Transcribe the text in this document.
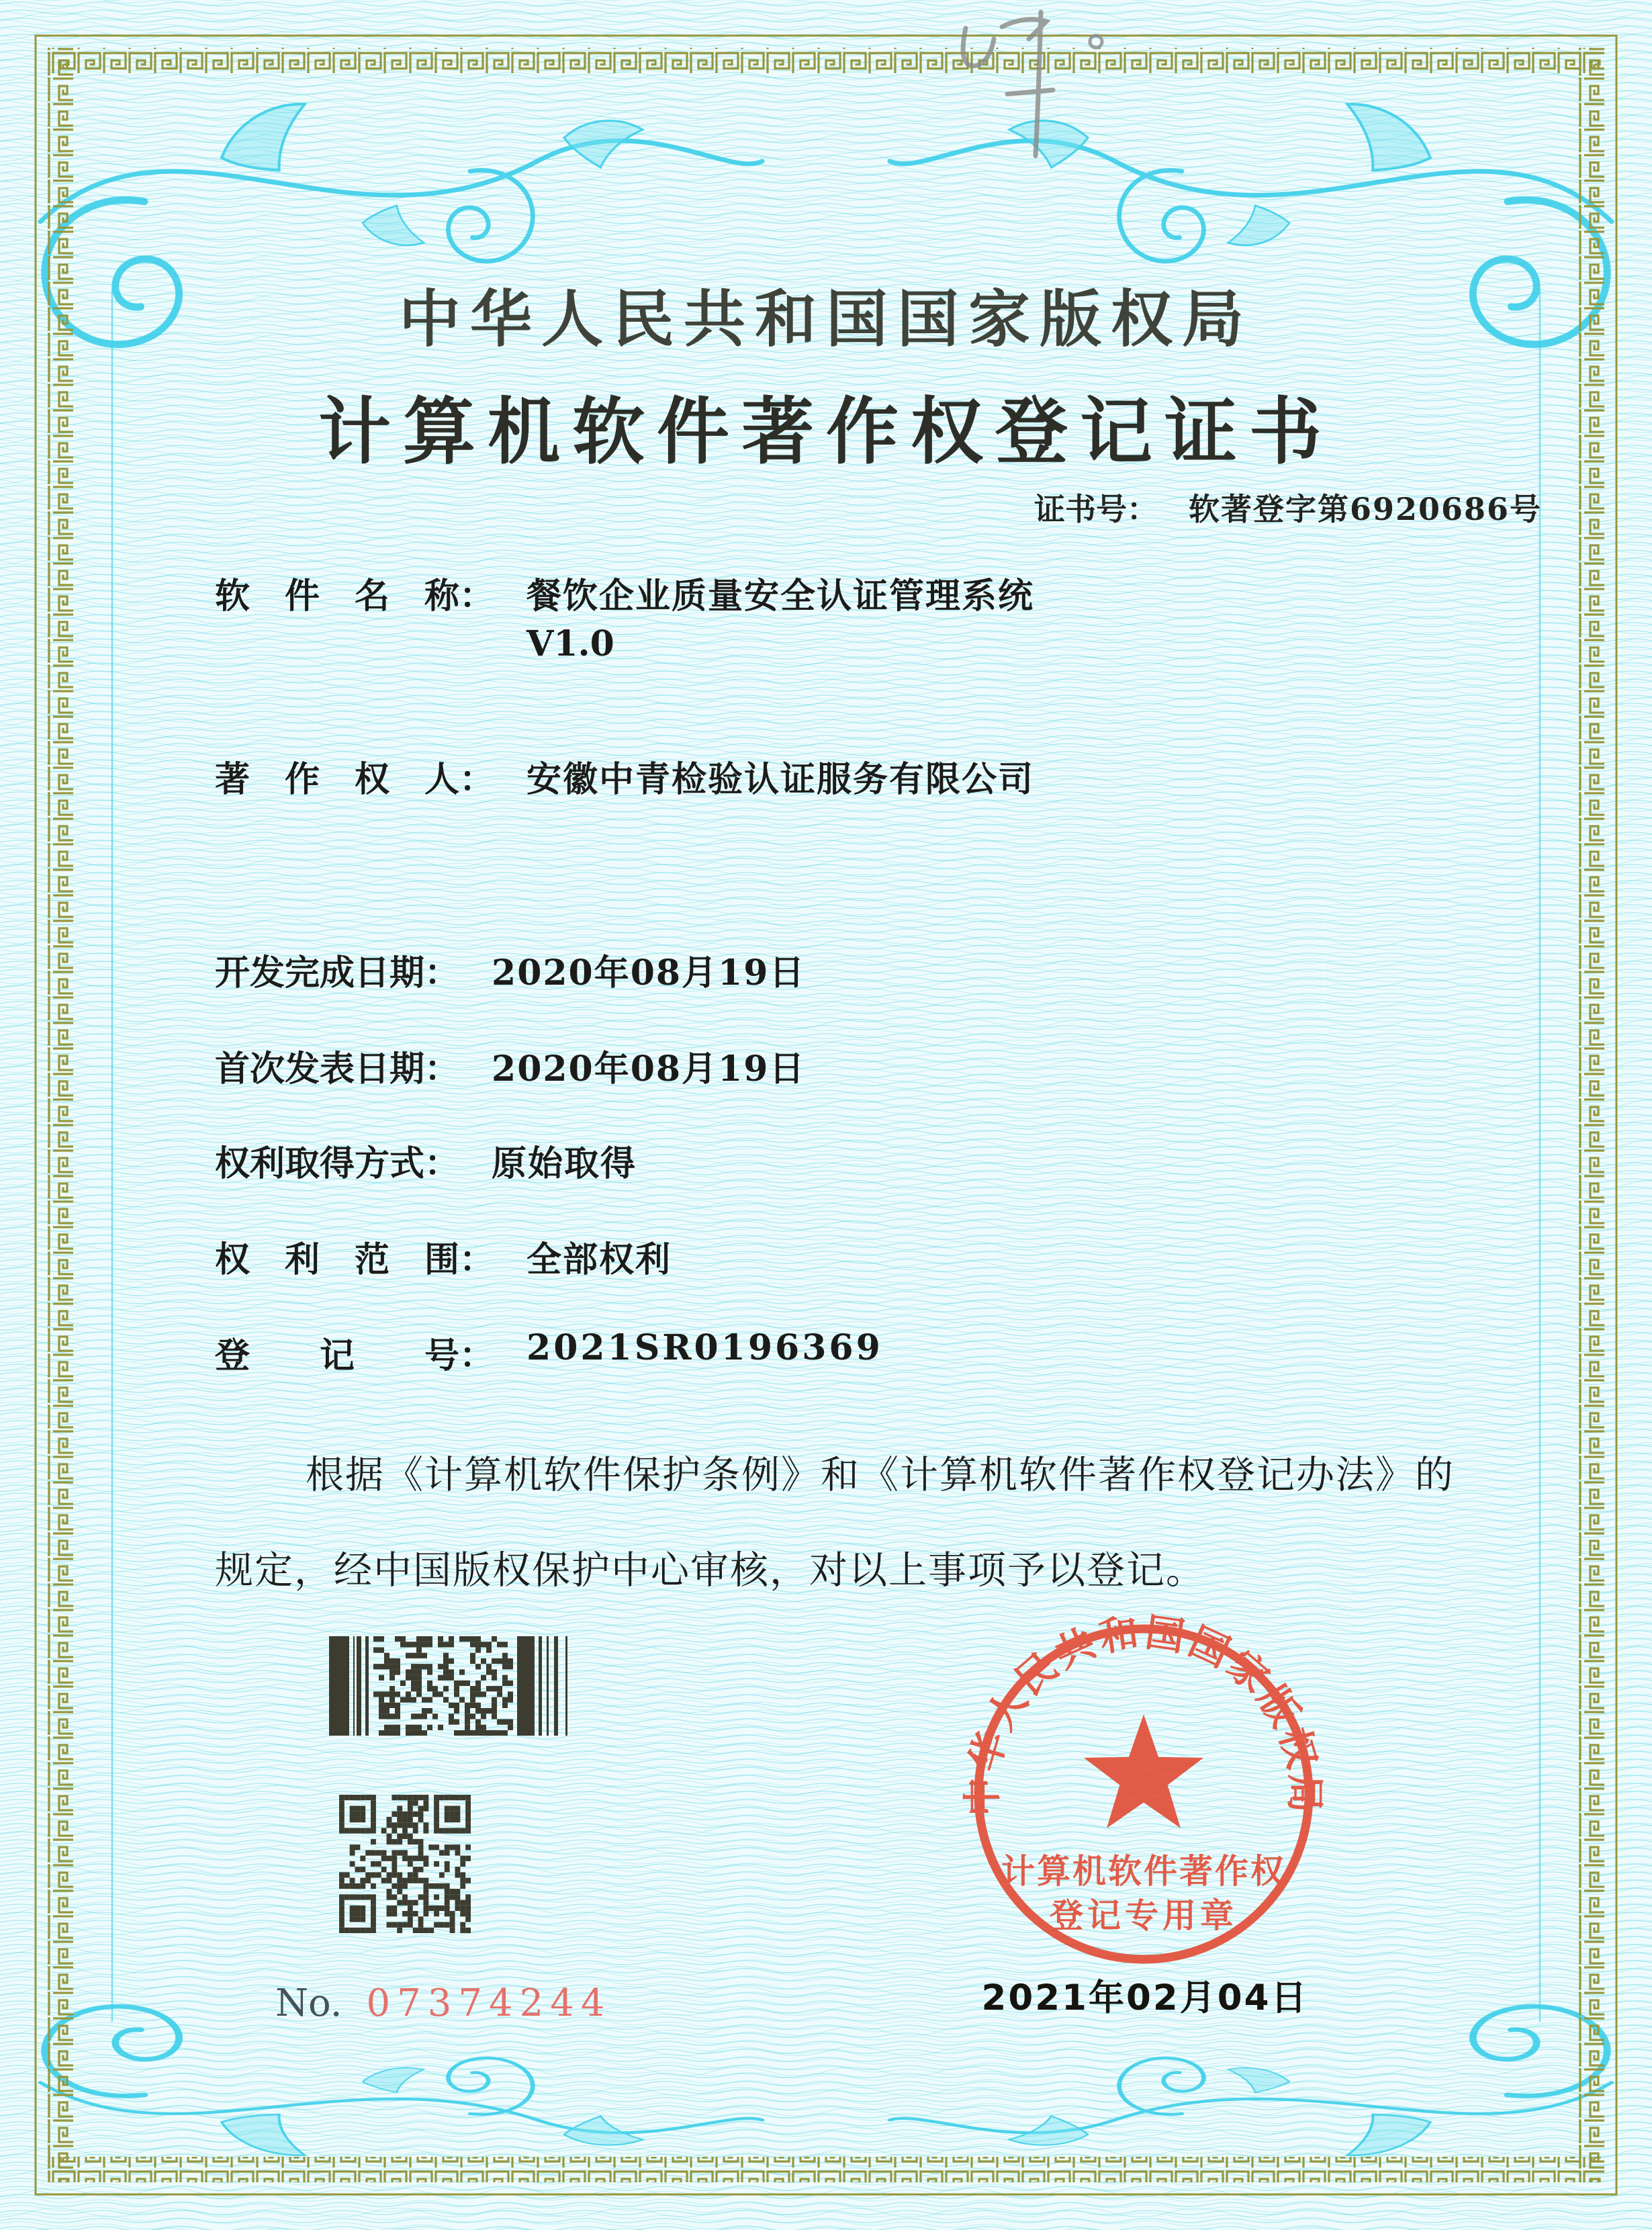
中华人民共和国国家版权局
计算机软件著作权登记证书
证书号： 软著登字第6920686号
软　件　名　称： 餐饮企业质量安全认证管理系统
V1.0
著　作　权　人： 安徽中青检验认证服务有限公司
开发完成日期： 2020年08月19日
首次发表日期： 2020年08月19日
权利取得方式： 原始取得
权　利　范　围： 全部权利
登　　记　　号： 2021SR0196369
根据《计算机软件保护条例》和《计算机软件著作权登记办法》的
规定，经中国版权保护中心审核，对以上事项予以登记。
No. 07374244
中华人民共和国国家版权局
计算机软件著作权
登记专用章
2021年02月04日
